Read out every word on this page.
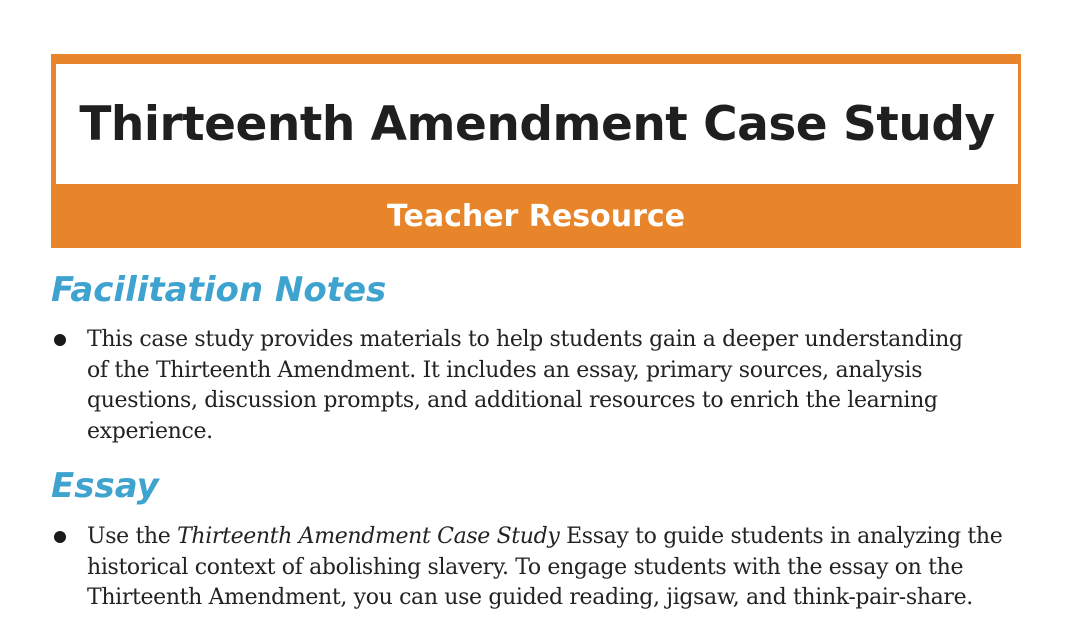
Thirteenth Amendment Case Study
Teacher Resource
Facilitation Notes
This case study provides materials to help students gain a deeper understanding
of the Thirteenth Amendment. It includes an essay, primary sources, analysis
questions, discussion prompts, and additional resources to enrich the learning
experience.
Essay
Use the Thirteenth Amendment Case Study Essay to guide students in analyzing the
historical context of abolishing slavery. To engage students with the essay on the
Thirteenth Amendment, you can use guided reading, jigsaw, and think-pair-share.
